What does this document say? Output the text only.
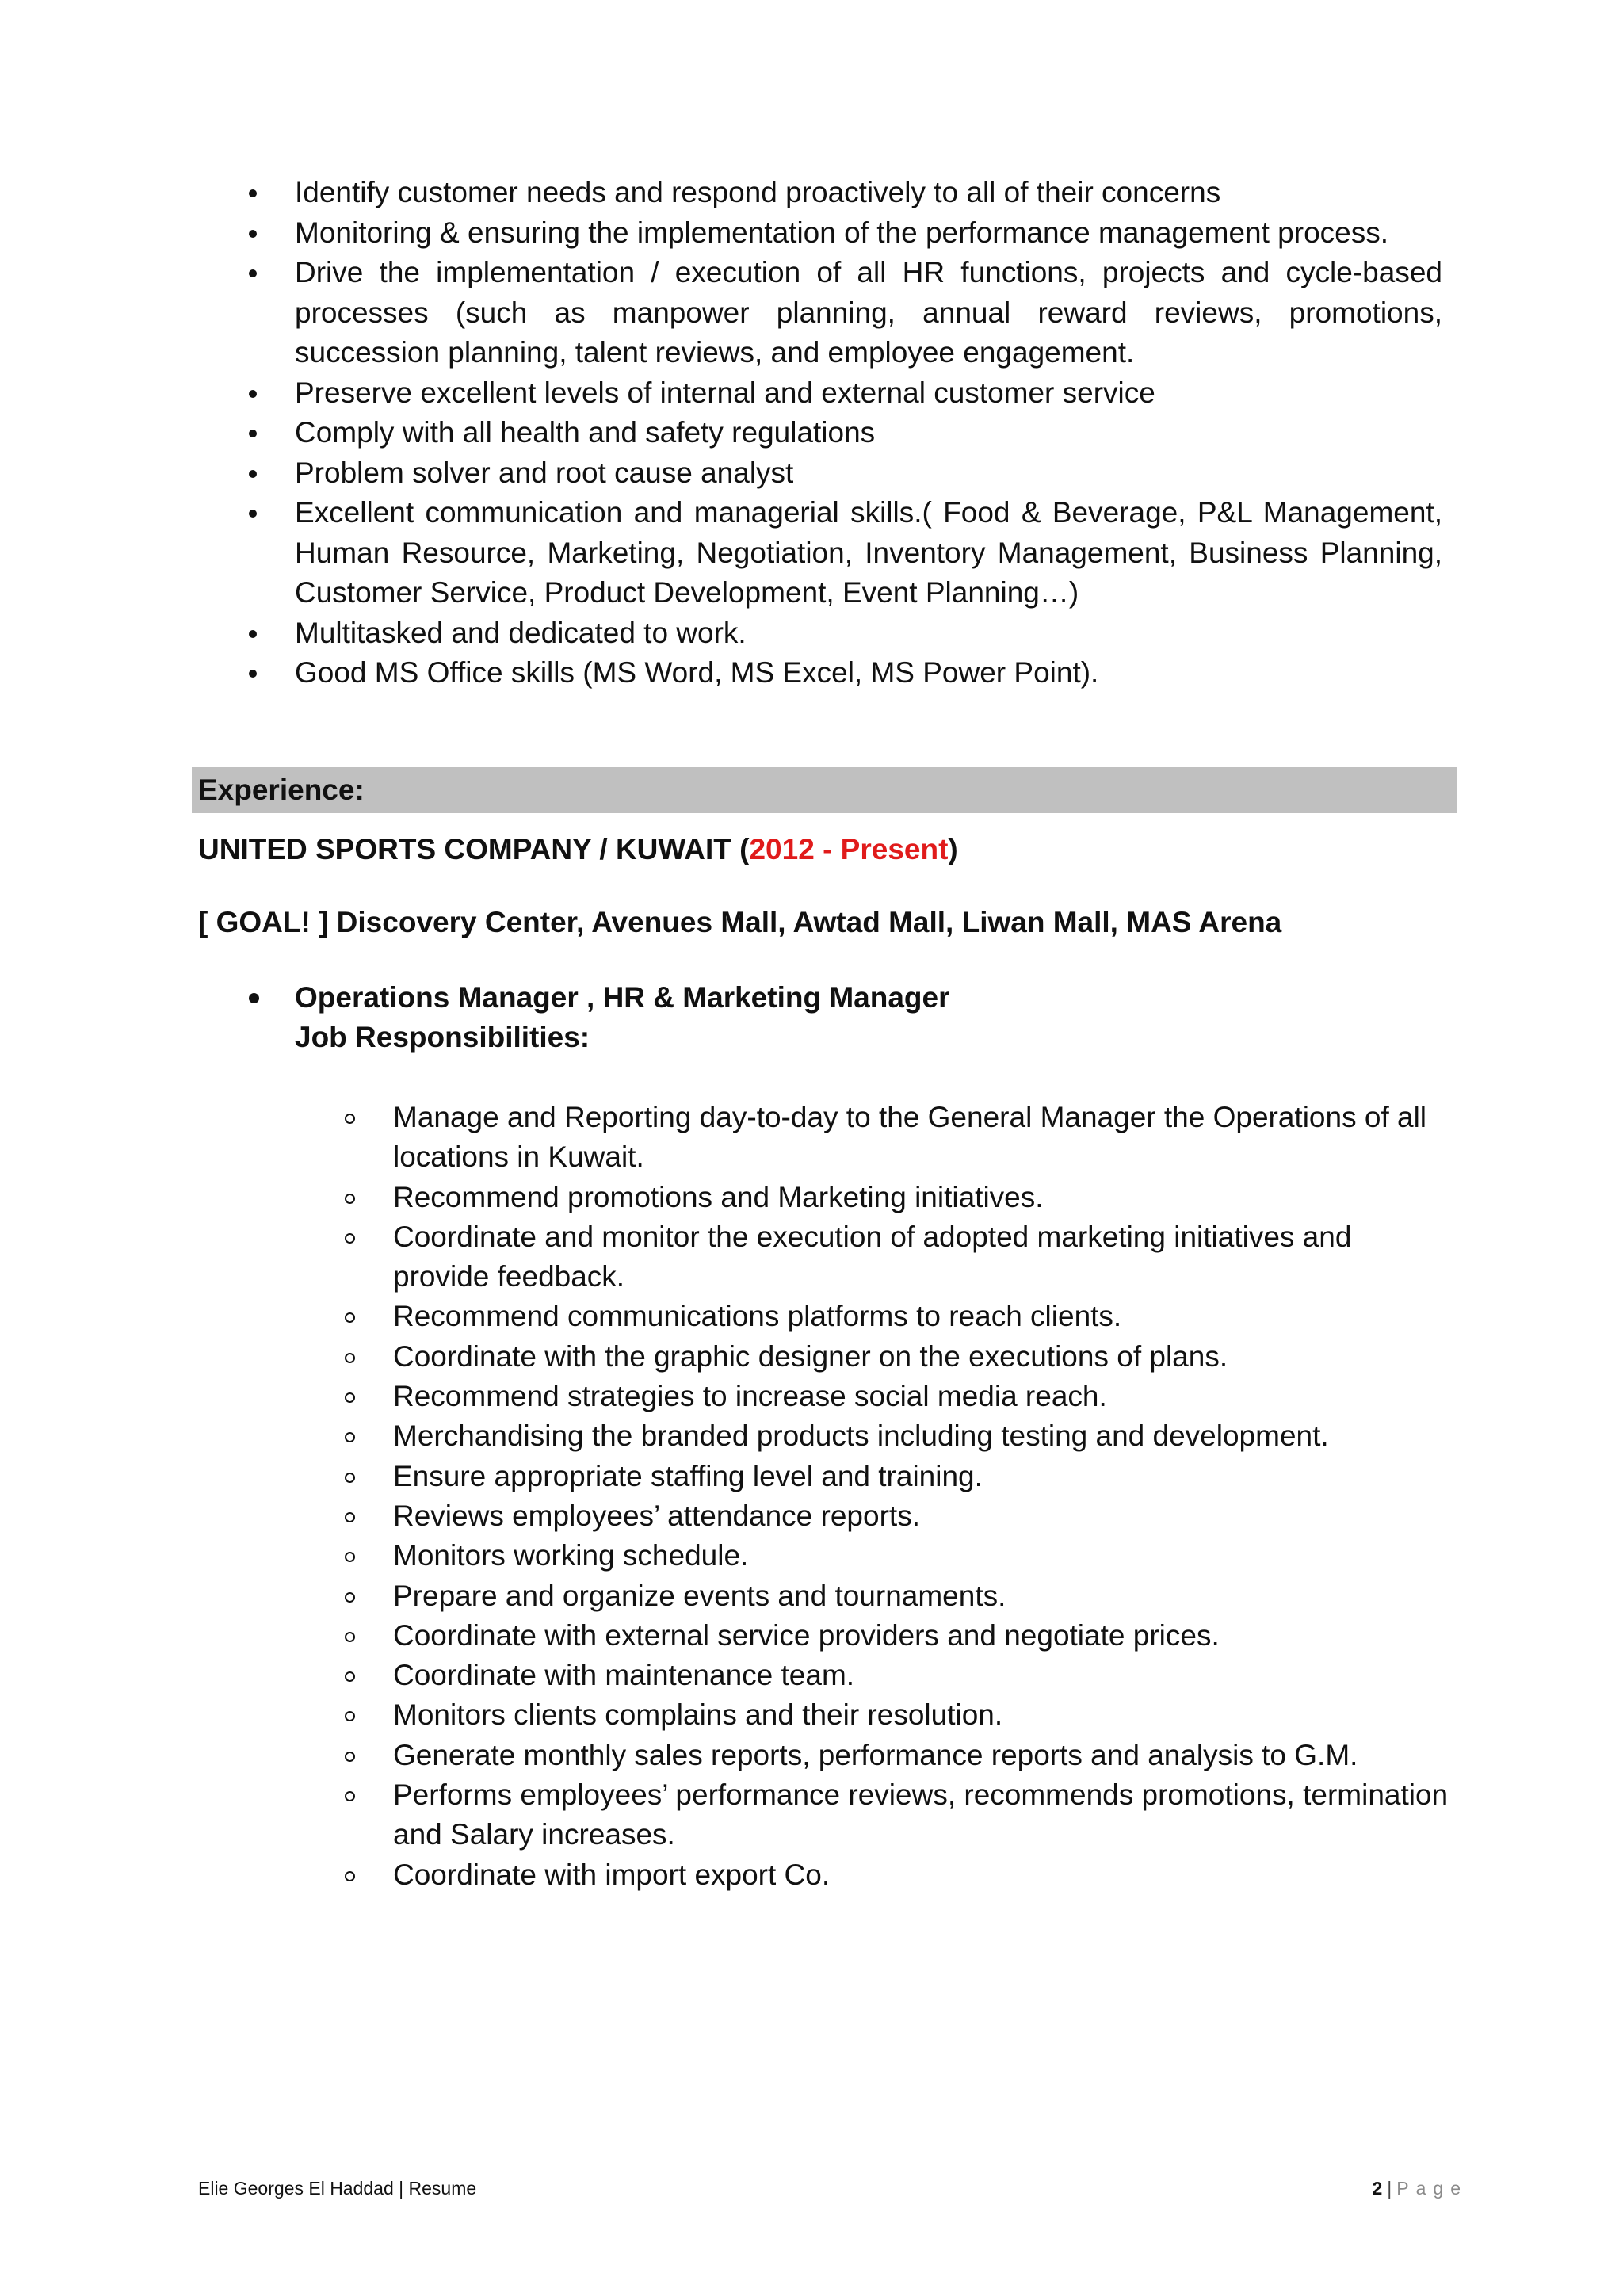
Identify customer needs and respond proactively to all of their concerns
Monitoring & ensuring the implementation of the performance management process.
Drive the implementation / execution of all HR functions, projects and cycle-based processes (such as manpower planning, annual reward reviews, promotions, succession planning, talent reviews, and employee engagement.
Preserve excellent levels of internal and external customer service
Comply with all health and safety regulations
Problem solver and root cause analyst
Excellent communication and managerial skills.( Food & Beverage, P&L Management, Human Resource, Marketing, Negotiation, Inventory Management, Business Planning, Customer Service, Product Development, Event Planning…)
Multitasked and dedicated to work.
Good MS Office skills (MS Word, MS Excel, MS Power Point).
Experience:
UNITED SPORTS COMPANY / KUWAIT (2012 - Present)
[ GOAL! ] Discovery Center, Avenues Mall, Awtad Mall, Liwan Mall, MAS Arena
Operations Manager , HR & Marketing Manager
Job Responsibilities:
Manage and Reporting day-to-day to the General Manager the Operations of all locations in Kuwait.
Recommend promotions and Marketing initiatives.
Coordinate and monitor the execution of adopted marketing initiatives and provide feedback.
Recommend communications platforms to reach clients.
Coordinate with the graphic designer on the executions of plans.
Recommend strategies to increase social media reach.
Merchandising the branded products including testing and development.
Ensure appropriate staffing level and training.
Reviews employees’ attendance reports.
Monitors working schedule.
Prepare and organize events and tournaments.
Coordinate with external service providers and negotiate prices.
Coordinate with maintenance team.
Monitors clients complains and their resolution.
Generate monthly sales reports, performance reports and analysis to G.M.
Performs employees’ performance reviews, recommends promotions, termination and Salary increases.
Coordinate with import export Co.
Elie Georges El Haddad | Resume	2 | Page
